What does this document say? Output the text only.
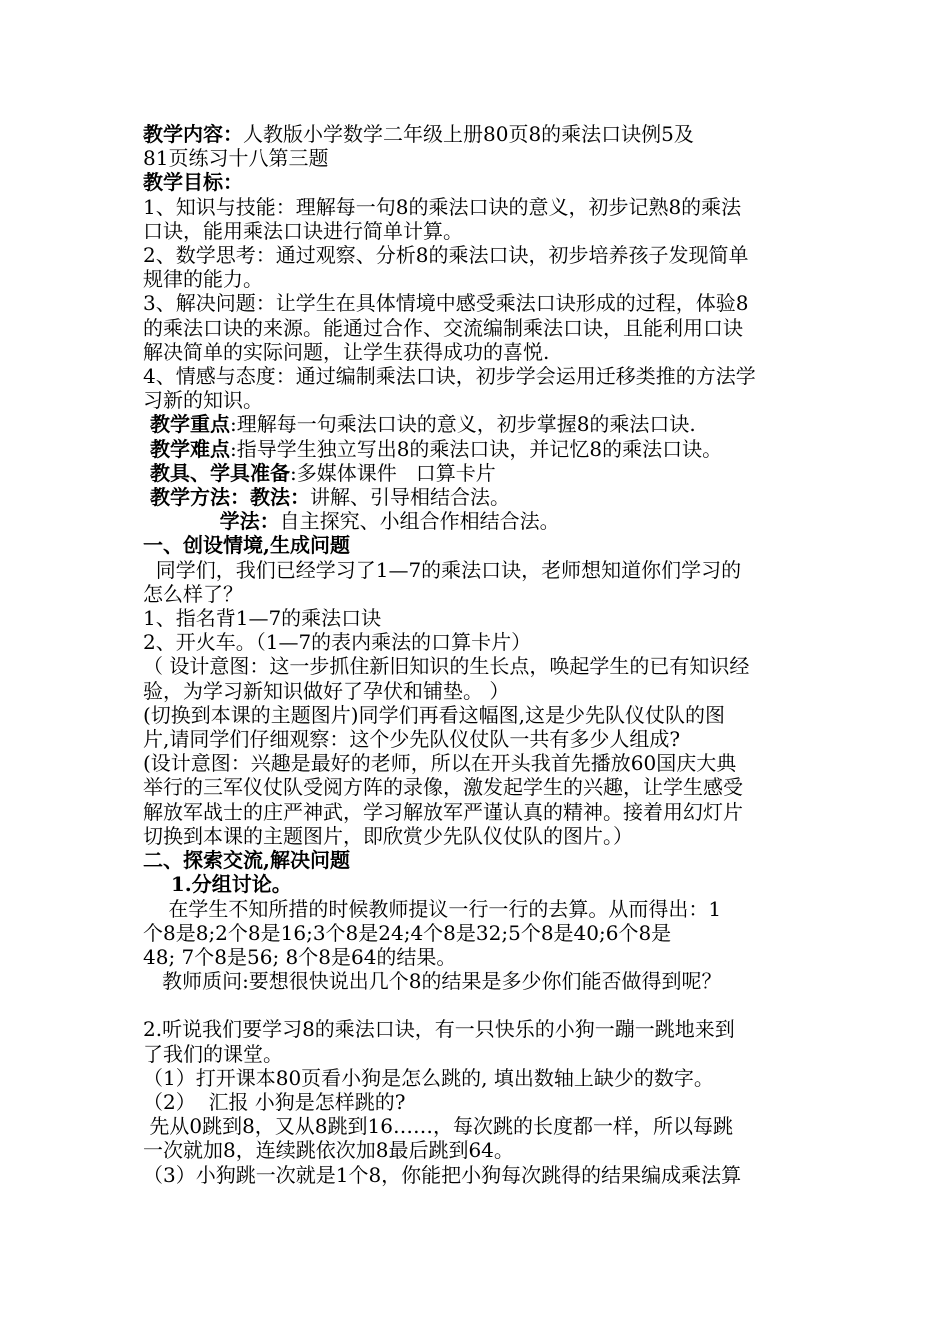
教学内容：人教版小学数学二年级上册80页8的乘法口诀例5及
81页练习十八第三题
教学目标：
1、知识与技能：理解每一句8的乘法口诀的意义，初步记熟8的乘法
口诀，能用乘法口诀进行简单计算。
2、数学思考：通过观察、分析8的乘法口诀，初步培养孩子发现简单
规律的能力。
3、解决问题：让学生在具体情境中感受乘法口诀形成的过程，体验8
的乘法口诀的来源。能通过合作、交流编制乘法口诀，且能利用口诀
解决简单的实际问题，让学生获得成功的喜悦.
4、情感与态度：通过编制乘法口诀，初步学会运用迁移类推的方法学
习新的知识。
教学重点:理解每一句乘法口诀的意义，初步掌握8的乘法口诀.
教学难点:指导学生独立写出8的乘法口诀，并记忆8的乘法口诀。
教具、学具准备:多媒体课件   口算卡片
教学方法：教法：讲解、引导相结合法。
学法：自主探究、小组合作相结合法。
一、创设情境,生成问题
同学们，我们已经学习了1—7的乘法口诀，老师想知道你们学习的
怎么样了？
1、指名背1—7的乘法口诀
2、开火车。（1—7的表内乘法的口算卡片）
（ 设计意图：这一步抓住新旧知识的生长点，唤起学生的已有知识经
验，为学习新知识做好了孕伏和铺垫。 ）
(切换到本课的主题图片)同学们再看这幅图,这是少先队仪仗队的图
片,请同学们仔细观察：这个少先队仪仗队一共有多少人组成?
(设计意图：兴趣是最好的老师，所以在开头我首先播放60国庆大典
举行的三军仪仗队受阅方阵的录像，激发起学生的兴趣，让学生感受
解放军战士的庄严神武，学习解放军严谨认真的精神。接着用幻灯片
切换到本课的主题图片，即欣赏少先队仪仗队的图片。）
二、探索交流,解决问题
1.分组讨论。
在学生不知所措的时候教师提议一行一行的去算。从而得出：1
个8是8;2个8是16;3个8是24;4个8是32;5个8是40;6个8是
48; 7个8是56; 8个8是64的结果。
教师质问:要想很快说出几个8的结果是多少你们能否做得到呢？
2.听说我们要学习8的乘法口诀，有一只快乐的小狗一蹦一跳地来到
了我们的课堂。
（1）打开课本80页看小狗是怎么跳的, 填出数轴上缺少的数字。
（2）  汇报 小狗是怎样跳的?
先从0跳到8，又从8跳到16……，每次跳的长度都一样，所以每跳
一次就加8，连续跳依次加8最后跳到64。
（3）小狗跳一次就是1个8，你能把小狗每次跳得的结果编成乘法算
